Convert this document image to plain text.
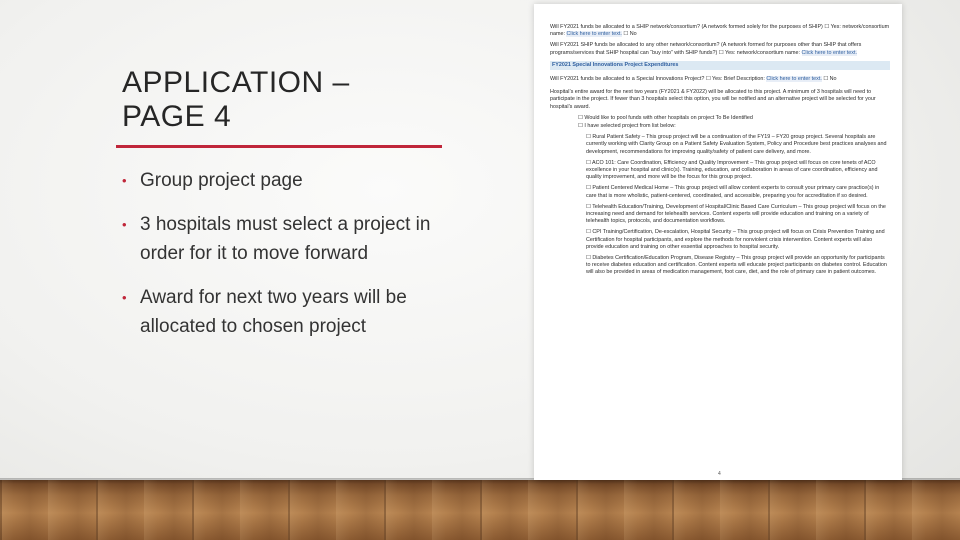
APPLICATION –
PAGE 4
• Group project page
• 3 hospitals must select a project in order for it to move forward
• Award for next two years will be allocated to chosen project

Will FY2021 funds be allocated to a SHIP network/consortium? (A network formed solely for the purposes of SHIP) ☐ Yes: network/consortium name: Click here to enter text. ☐ No

Will FY2021 SHIP funds be allocated to any other network/consortium? (A network formed for purposes other than SHIP that offers programs/services that SHIP hospital can “buy into” with SHIP funds?) ☐ Yes: network/consortium name: Click here to enter text.

FY2021 Special Innovations Project Expenditures

Will FY2021 funds be allocated to a Special Innovations Project? ☐ Yes: Brief Description: Click here to enter text. ☐ No

Hospital’s entire award for the next two years (FY2021 & FY2022) will be allocated to this project. A minimum of 3 hospitals will need to participate in the project. If fewer than 3 hospitals select this option, you will be notified and an alternative project will be selected for your hospital’s award.

☐ Would like to pool funds with other hospitals on project To Be Identified

☐ I have selected project from list below:

☐ Rural Patient Safety – This group project will be a continuation of the FY19 – FY20 group project. Several hospitals are currently working with Clarity Group on a Patient Safety Evaluation System, Policy and Procedure best practices analyses and development, recommendations for improving quality/safety of patient care delivery, and more.

☐ ACO 101: Care Coordination, Efficiency and Quality Improvement – This group project will focus on core tenets of ACO excellence in your hospital and clinic(s). Training, education, and collaboration in areas of care coordination, efficiency and quality improvement, and more will be the focus for this group project.

☐ Patient Centered Medical Home – This group project will allow content experts to consult your primary care practice(s) in care that is more wholistic, patient-centered, coordinated, and accessible, preparing you for accreditation if so desired.

☐ Telehealth Education/Training, Development of Hospital/Clinic Based Care Curriculum – This group project will focus on the increasing need and demand for telehealth services. Content experts will provide education and training on a variety of telehealth topics, protocols, and documentation workflows.

☐ CPI Training/Certification, De-escalation, Hospital Security – This group project will focus on Crisis Prevention Training and Certification for hospital participants, and explore the methods for nonviolent crisis intervention. Content experts will also provide education and training on other essential approaches to hospital security.

☐ Diabetes Certification/Education Program, Disease Registry – This group project will provide an opportunity for participants to receive diabetes education and certification. Content experts will educate project participants on diabetes control. Education will also be provided in areas of medication management, foot care, diet, and the role of primary care in patient outcomes.

4
